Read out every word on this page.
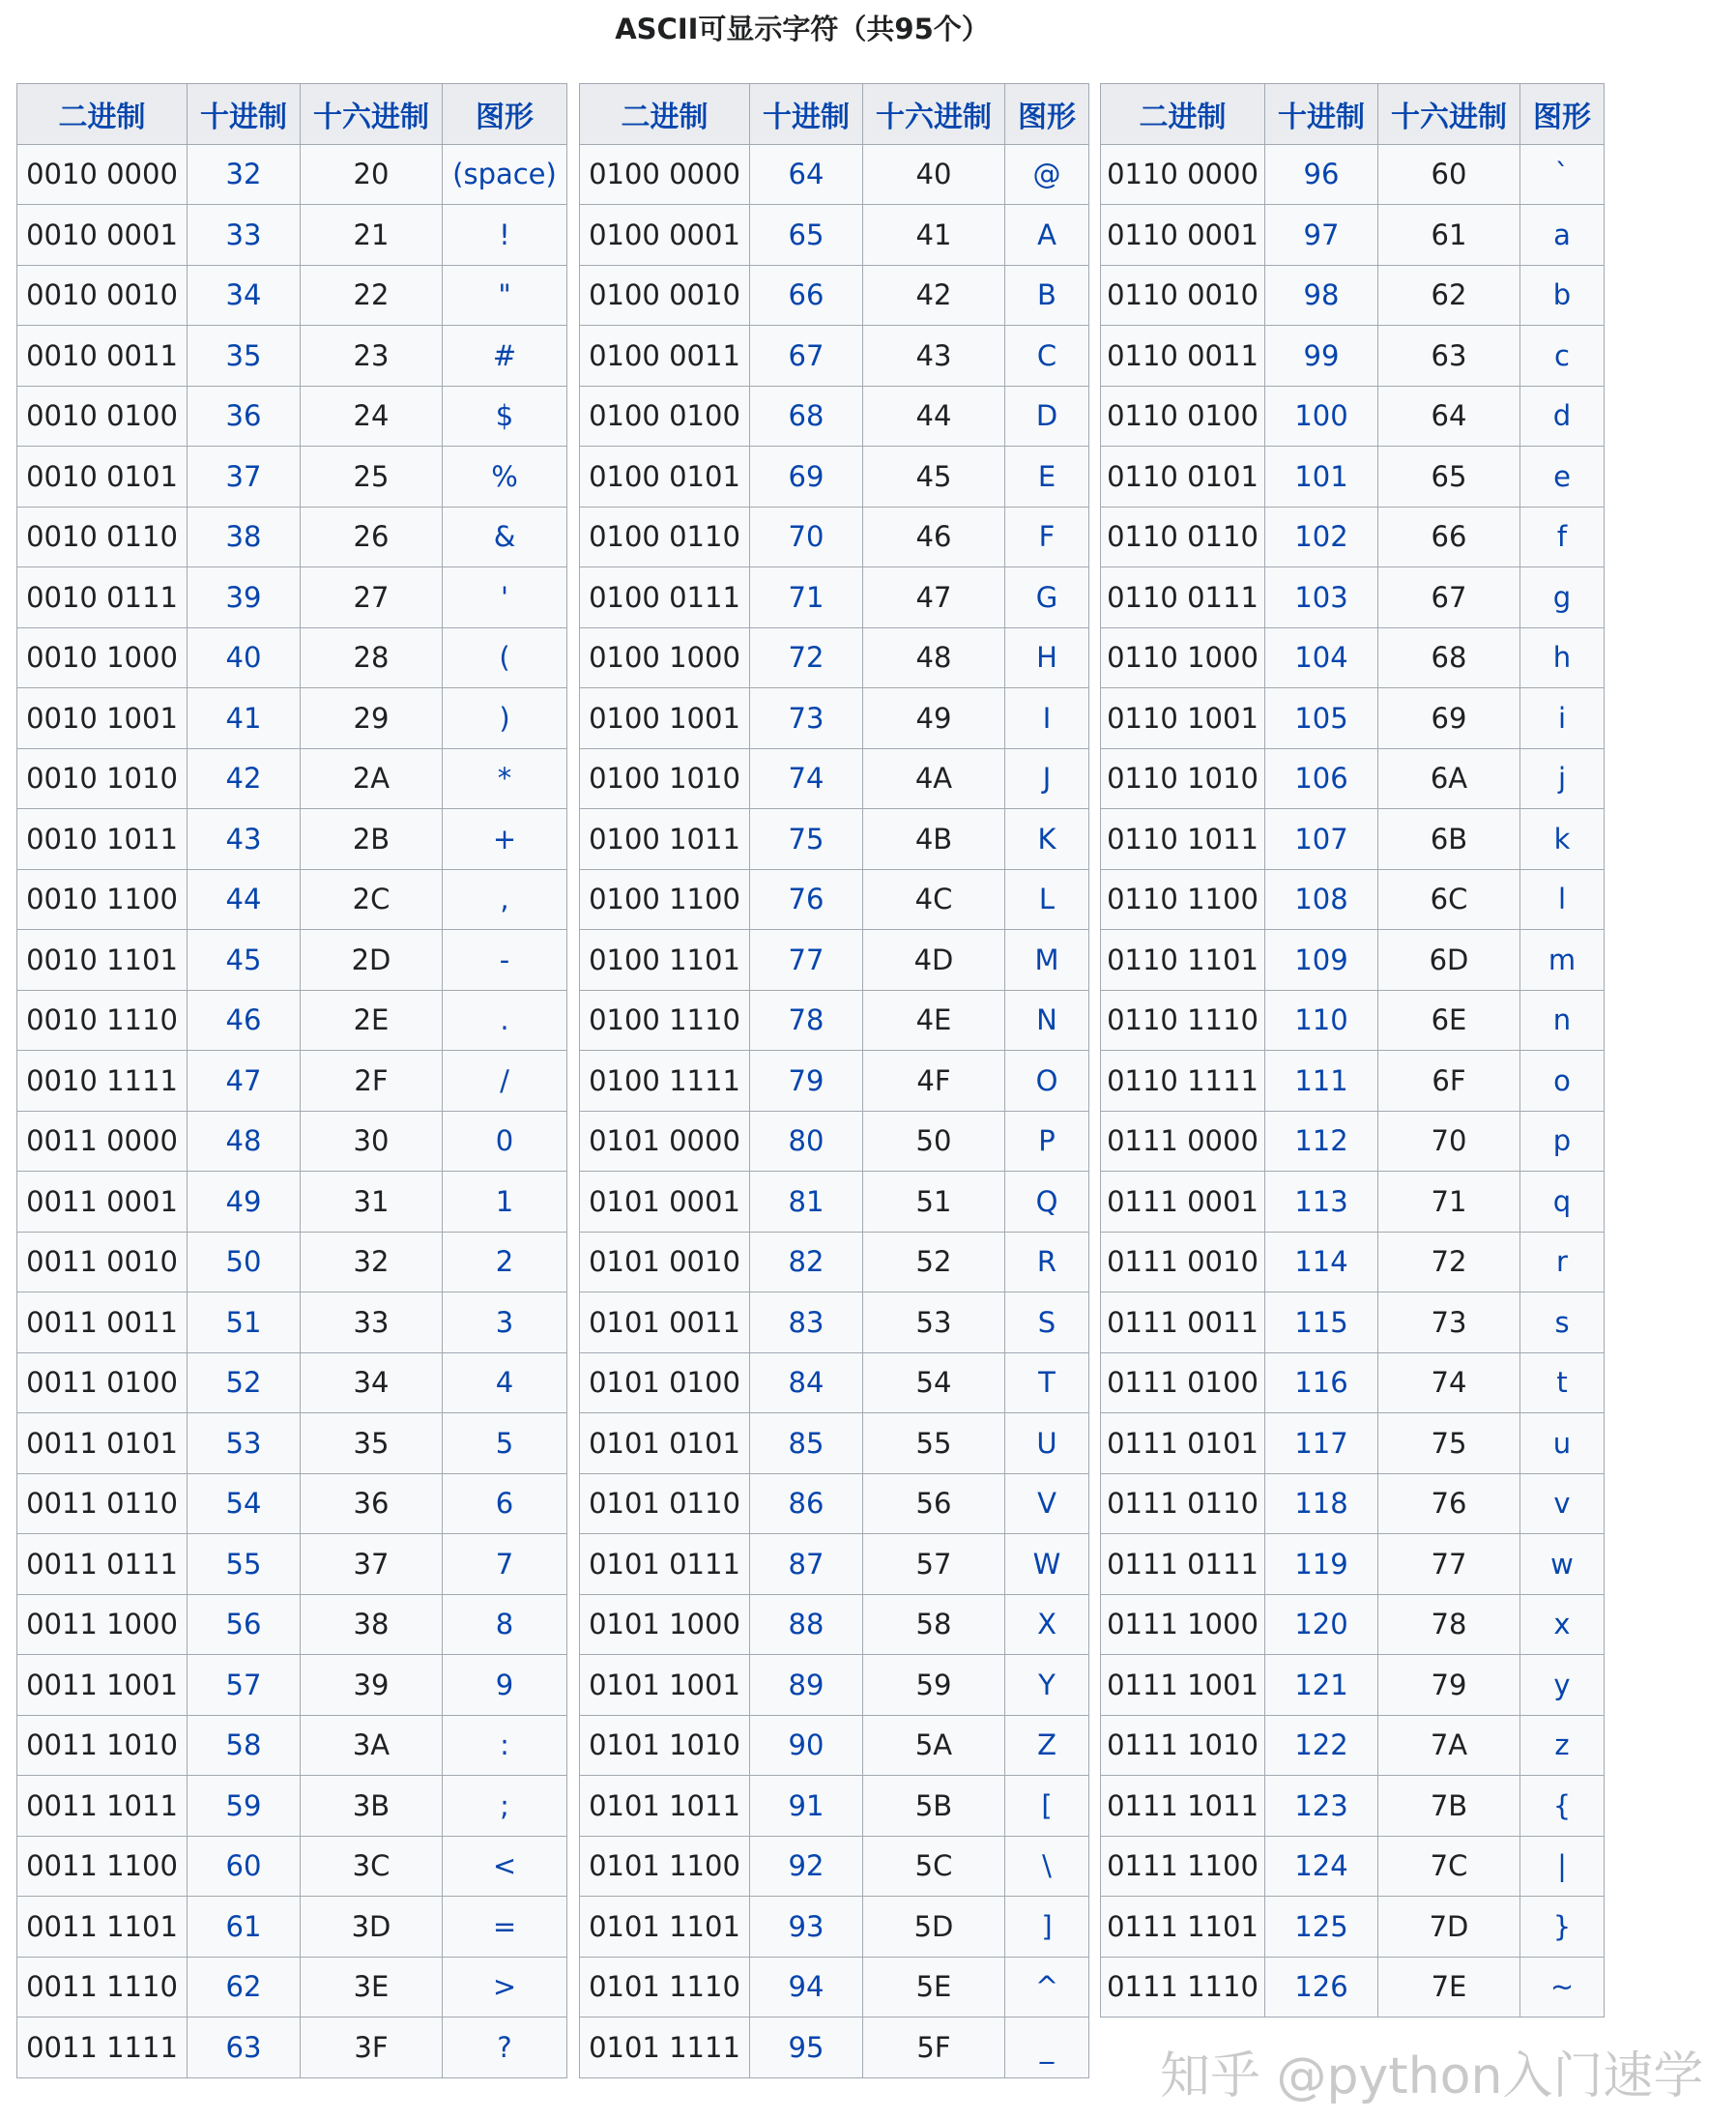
ASCII可显示字符（共95个）
二进制	十进制	十六进制	图形
0010 0000	32	20	(space)
0010 0001	33	21	!
0010 0010	34	22	"
0010 0011	35	23	#
0010 0100	36	24	$
0010 0101	37	25	%
0010 0110	38	26	&
0010 0111	39	27	'
0010 1000	40	28	(
0010 1001	41	29	)
0010 1010	42	2A	*
0010 1011	43	2B	+
0010 1100	44	2C	,
0010 1101	45	2D	-
0010 1110	46	2E	.
0010 1111	47	2F	/
0011 0000	48	30	0
0011 0001	49	31	1
0011 0010	50	32	2
0011 0011	51	33	3
0011 0100	52	34	4
0011 0101	53	35	5
0011 0110	54	36	6
0011 0111	55	37	7
0011 1000	56	38	8
0011 1001	57	39	9
0011 1010	58	3A	:
0011 1011	59	3B	;
0011 1100	60	3C	<
0011 1101	61	3D	=
0011 1110	62	3E	>
0011 1111	63	3F	?
二进制	十进制	十六进制	图形
0100 0000	64	40	@
0100 0001	65	41	A
0100 0010	66	42	B
0100 0011	67	43	C
0100 0100	68	44	D
0100 0101	69	45	E
0100 0110	70	46	F
0100 0111	71	47	G
0100 1000	72	48	H
0100 1001	73	49	I
0100 1010	74	4A	J
0100 1011	75	4B	K
0100 1100	76	4C	L
0100 1101	77	4D	M
0100 1110	78	4E	N
0100 1111	79	4F	O
0101 0000	80	50	P
0101 0001	81	51	Q
0101 0010	82	52	R
0101 0011	83	53	S
0101 0100	84	54	T
0101 0101	85	55	U
0101 0110	86	56	V
0101 0111	87	57	W
0101 1000	88	58	X
0101 1001	89	59	Y
0101 1010	90	5A	Z
0101 1011	91	5B	[
0101 1100	92	5C	\
0101 1101	93	5D	]
0101 1110	94	5E	^
0101 1111	95	5F	_
二进制	十进制	十六进制	图形
0110 0000	96	60	`
0110 0001	97	61	a
0110 0010	98	62	b
0110 0011	99	63	c
0110 0100	100	64	d
0110 0101	101	65	e
0110 0110	102	66	f
0110 0111	103	67	g
0110 1000	104	68	h
0110 1001	105	69	i
0110 1010	106	6A	j
0110 1011	107	6B	k
0110 1100	108	6C	l
0110 1101	109	6D	m
0110 1110	110	6E	n
0110 1111	111	6F	o
0111 0000	112	70	p
0111 0001	113	71	q
0111 0010	114	72	r
0111 0011	115	73	s
0111 0100	116	74	t
0111 0101	117	75	u
0111 0110	118	76	v
0111 0111	119	77	w
0111 1000	120	78	x
0111 1001	121	79	y
0111 1010	122	7A	z
0111 1011	123	7B	{
0111 1100	124	7C	|
0111 1101	125	7D	}
0111 1110	126	7E	~
知乎 @python入门速学
